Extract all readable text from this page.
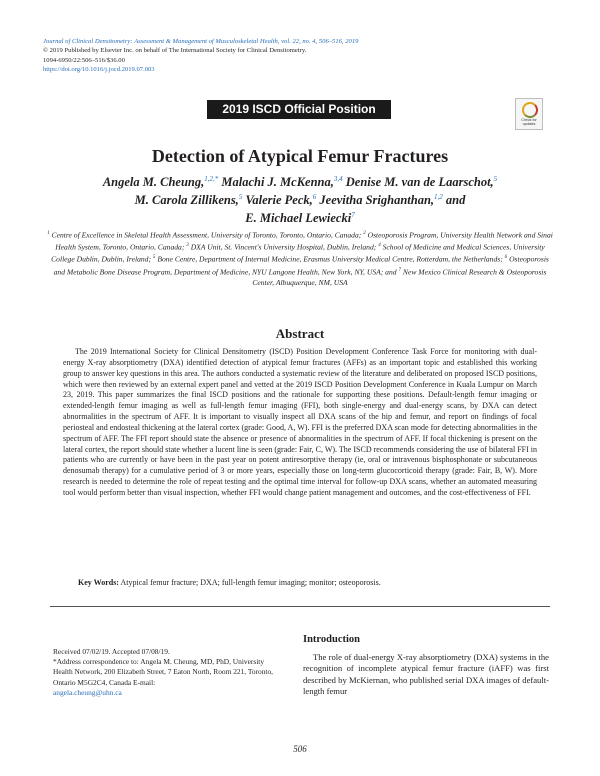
Journal of Clinical Densitometry: Assessment & Management of Musculoskeletal Health, vol. 22, no. 4, 506–516, 2019
© 2019 Published by Elsevier Inc. on behalf of The International Society for Clinical Densitometry.
1094-6950/22:506–516/$36.00
https://doi.org/10.1016/j.jocd.2019.07.003
2019 ISCD Official Position
Check for
updates
Detection of Atypical Femur Fractures
Angela M. Cheung,$^{1,2,*}$ Malachi J. McKenna,$^{3,4}$ Denise M. van de Laarschot,$^5$
M. Carola Zillikens,$^5$ Valerie Peck,$^6$ Jeevitha Srighanthan,$^{1,2}$ and
E. Michael Lewiecki$^7$
$^1$ Centre of Excellence in Skeletal Health Assessment, University of Toronto, Toronto, Ontario, Canada; $^2$ Osteoporosis Program, University Health Network and Sinai Health System, Toronto, Ontario, Canada; $^3$ DXA Unit, St. Vincent's University Hospital, Dublin, Ireland; $^4$ School of Medicine and Medical Sciences, University College Dublin, Dublin, Ireland; $^5$ Bone Centre, Department of Internal Medicine, Erasmus University Medical Centre, Rotterdam, the Netherlands; $^6$ Osteoporosis and Metabolic Bone Disease Program, Department of Medicine, NYU Langone Health, New York, NY, USA; and $^7$ New Mexico Clinical Research & Osteoporosis Center, Albuquerque, NM, USA
Abstract
The 2019 International Society for Clinical Densitometry (ISCD) Position Development Conference Task Force for monitoring with dual-energy X-ray absorptiometry (DXA) identified detection of atypical femur fractures (AFFs) as an important topic and established this working group to answer key questions in this area. The authors conducted a systematic review of the literature and deliberated on proposed ISCD positions, which were then reviewed by an external expert panel and vetted at the 2019 ISCD Position Development Conference in Kuala Lumpur on March 23, 2019. This paper summarizes the final ISCD positions and the rationale for supporting these positions. Default-length femur imaging or extended-length femur imaging as well as full-length femur imaging (FFI), both single-energy and dual-energy scans, by DXA can detect abnormalities in the spectrum of AFF. It is important to visually inspect all DXA scans of the hip and femur, and report on findings of focal periosteal and endosteal thickening at the lateral cortex (grade: Good, A, W). FFI is the preferred DXA scan mode for detecting abnormalities in the spectrum of AFF. The FFI report should state the absence or presence of abnormalities in the spectrum of AFF. If focal thickening is present on the lateral cortex, the report should state whether a lucent line is seen (grade: Fair, C, W). The ISCD recommends considering the use of bilateral FFI in patients who are currently or have been in the past year on potent antiresorptive therapy (ie, oral or intravenous bisphosphonate or subcutaneous denosumab therapy) for a cumulative period of 3 or more years, especially those on long-term glucocorticoid therapy (grade: Fair, B, W). More research is needed to determine the role of repeat testing and the optimal time interval for follow-up DXA scans, whether an automated measuring tool would perform better than visual inspection, whether FFI would change patient management and outcomes, and the cost-effectiveness of FFI.
Key Words: Atypical femur fracture; DXA; full-length femur imaging; monitor; osteoporosis.
Received 07/02/19. Accepted 07/08/19.
*Address correspondence to: Angela M. Cheung, MD, PhD, University Health Network, 200 Elizabeth Street, 7 Eaton North, Room 221, Toronto, Ontario M5G2C4, Canada E-mail:
angela.cheung@uhn.ca
Introduction
The role of dual-energy X-ray absorptiometry (DXA) systems in the recognition of incomplete atypical femur fracture (iAFF) was first described by McKiernan, who published serial DXA images of default-length femur
506
